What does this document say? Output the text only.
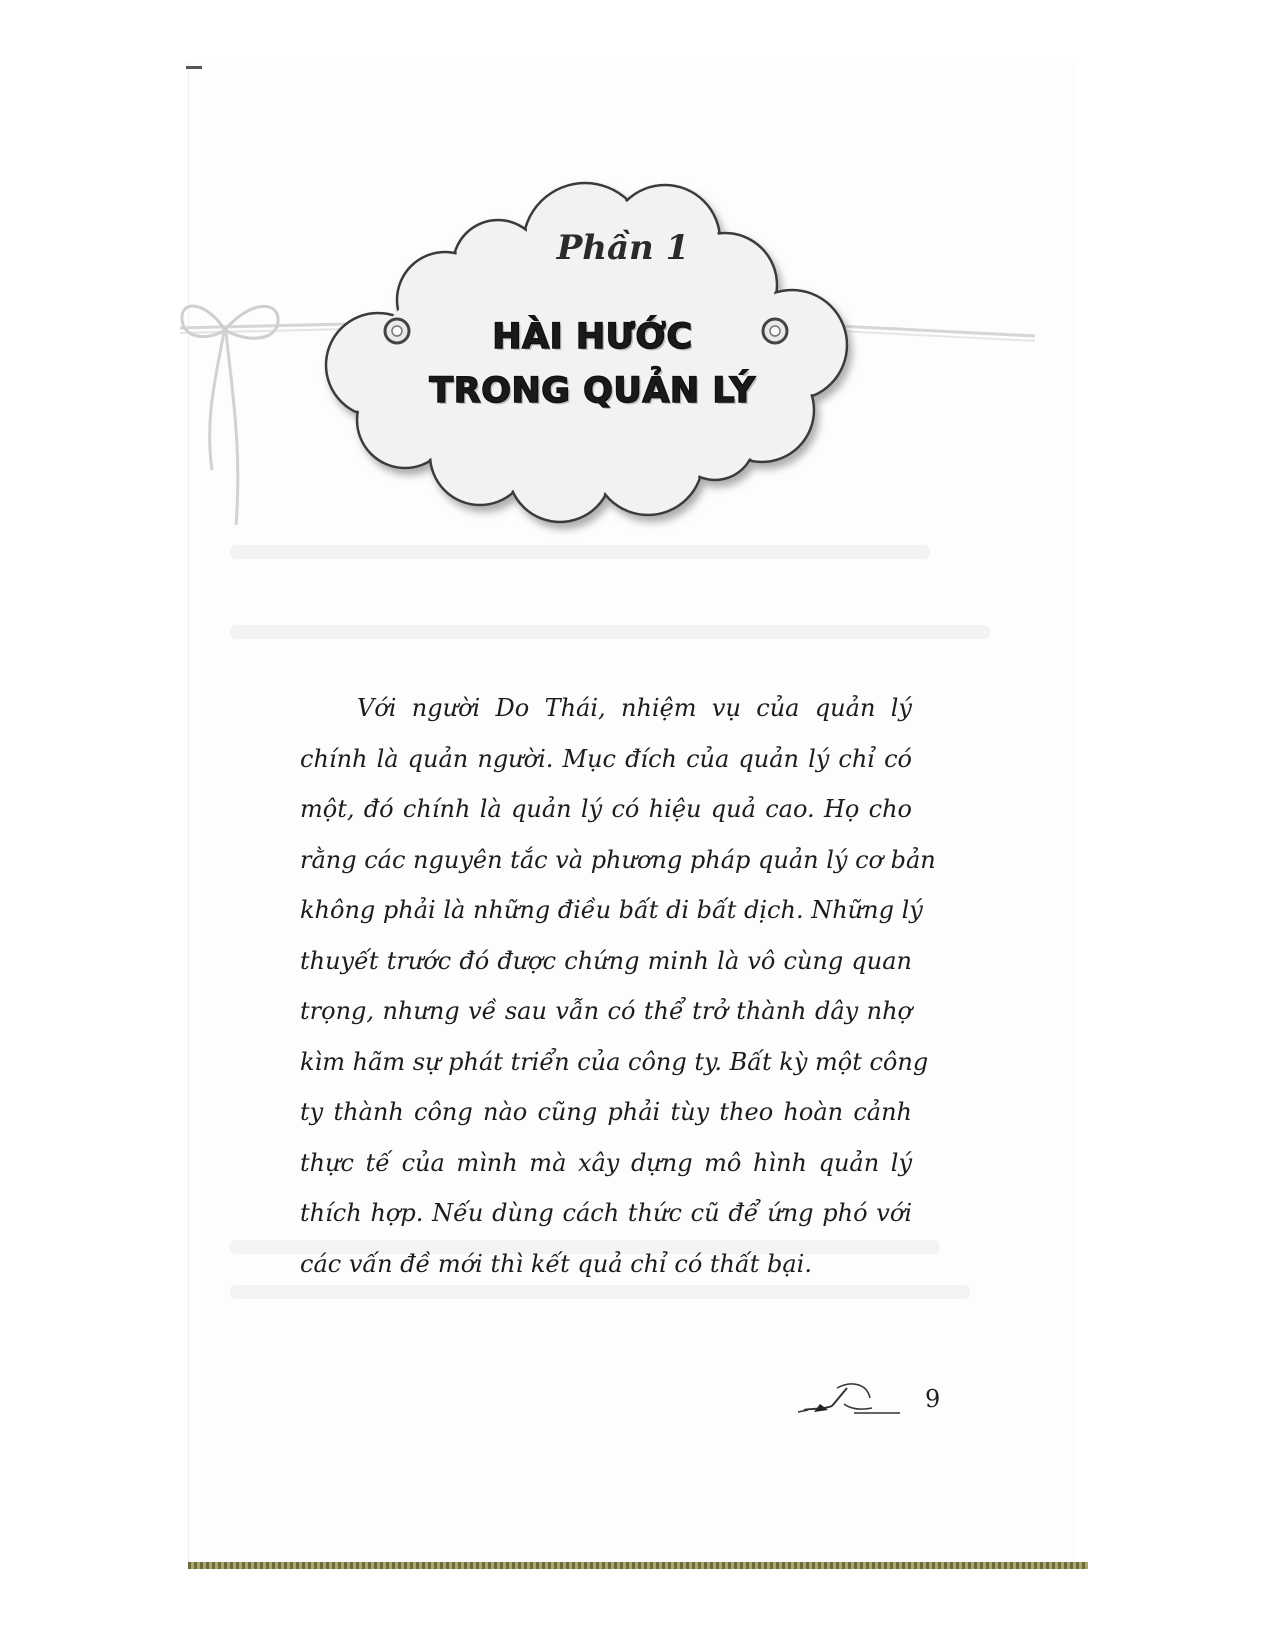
Phần 1
HÀI HƯỚC
TRONG QUẢN LÝ
Với người Do Thái, nhiệm vụ của quản lý
chính là quản người. Mục đích của quản lý chỉ có
một, đó chính là quản lý có hiệu quả cao. Họ cho
rằng các nguyên tắc và phương pháp quản lý cơ bản
không phải là những điều bất di bất dịch. Những lý
thuyết trước đó được chứng minh là vô cùng quan
trọng, nhưng về sau vẫn có thể trở thành dây nhợ
kìm hãm sự phát triển của công ty. Bất kỳ một công
ty thành công nào cũng phải tùy theo hoàn cảnh
thực tế của mình mà xây dựng mô hình quản lý
thích hợp. Nếu dùng cách thức cũ để ứng phó với
các vấn đề mới thì kết quả chỉ có thất bại.
9
